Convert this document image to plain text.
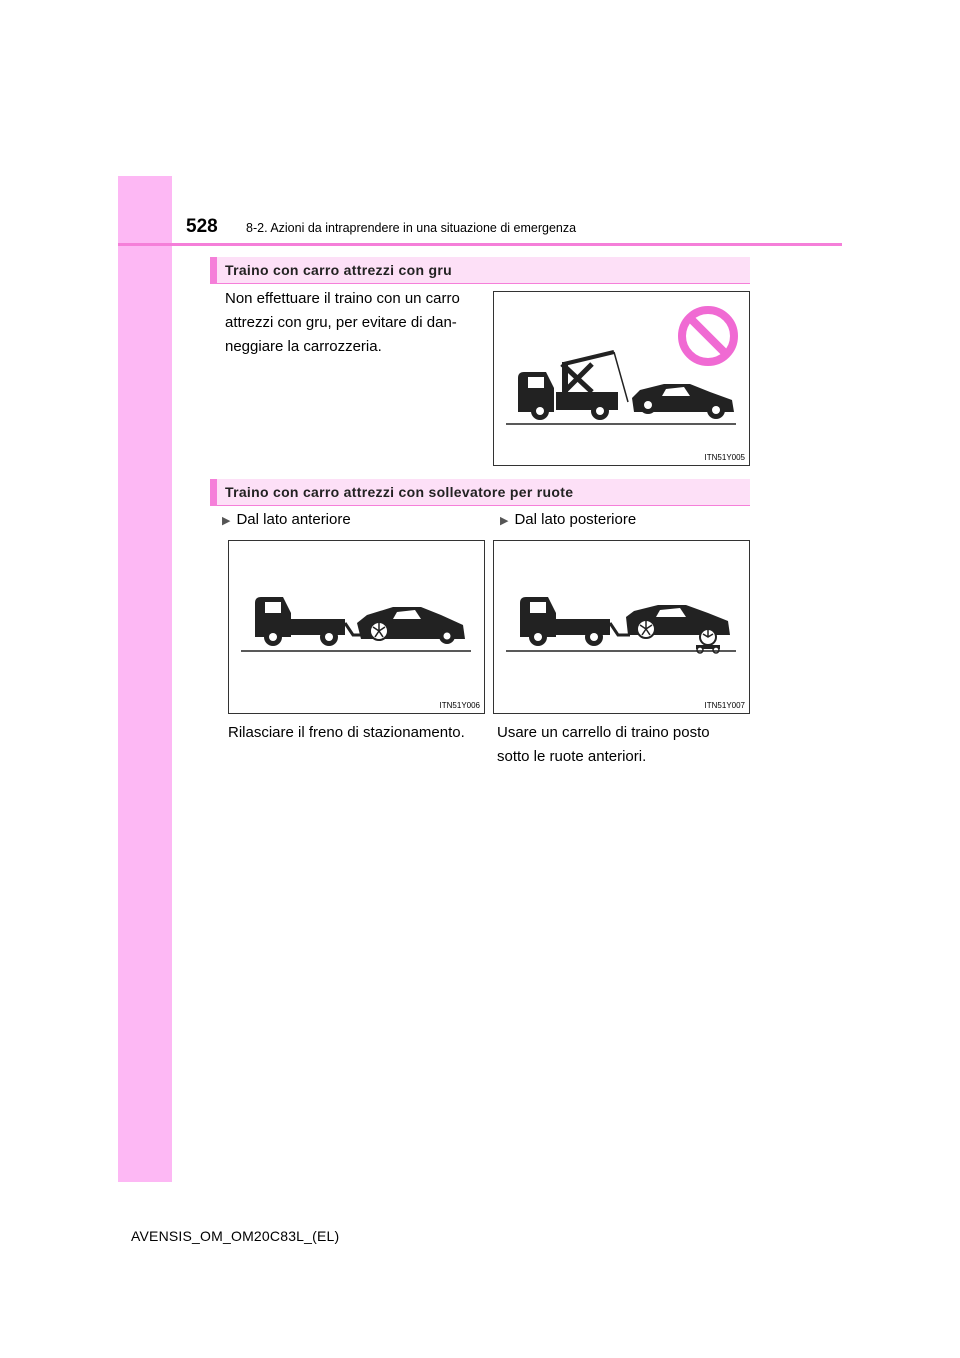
528 8-2. Azioni da intraprendere in una situazione di emergenza
Traino con carro attrezzi con gru
Non effettuare il traino con un carro
attrezzi con gru, per evitare di dan-
neggiare la carrozzeria.
ITN51Y005
Traino con carro attrezzi con sollevatore per ruote
▶ Dal lato anteriore	▶ Dal lato posteriore
ITN51Y006	ITN51Y007
Rilasciare il freno di stazionamento.	Usare un carrello di traino posto
sotto le ruote anteriori.
AVENSIS_OM_OM20C83L_(EL)
